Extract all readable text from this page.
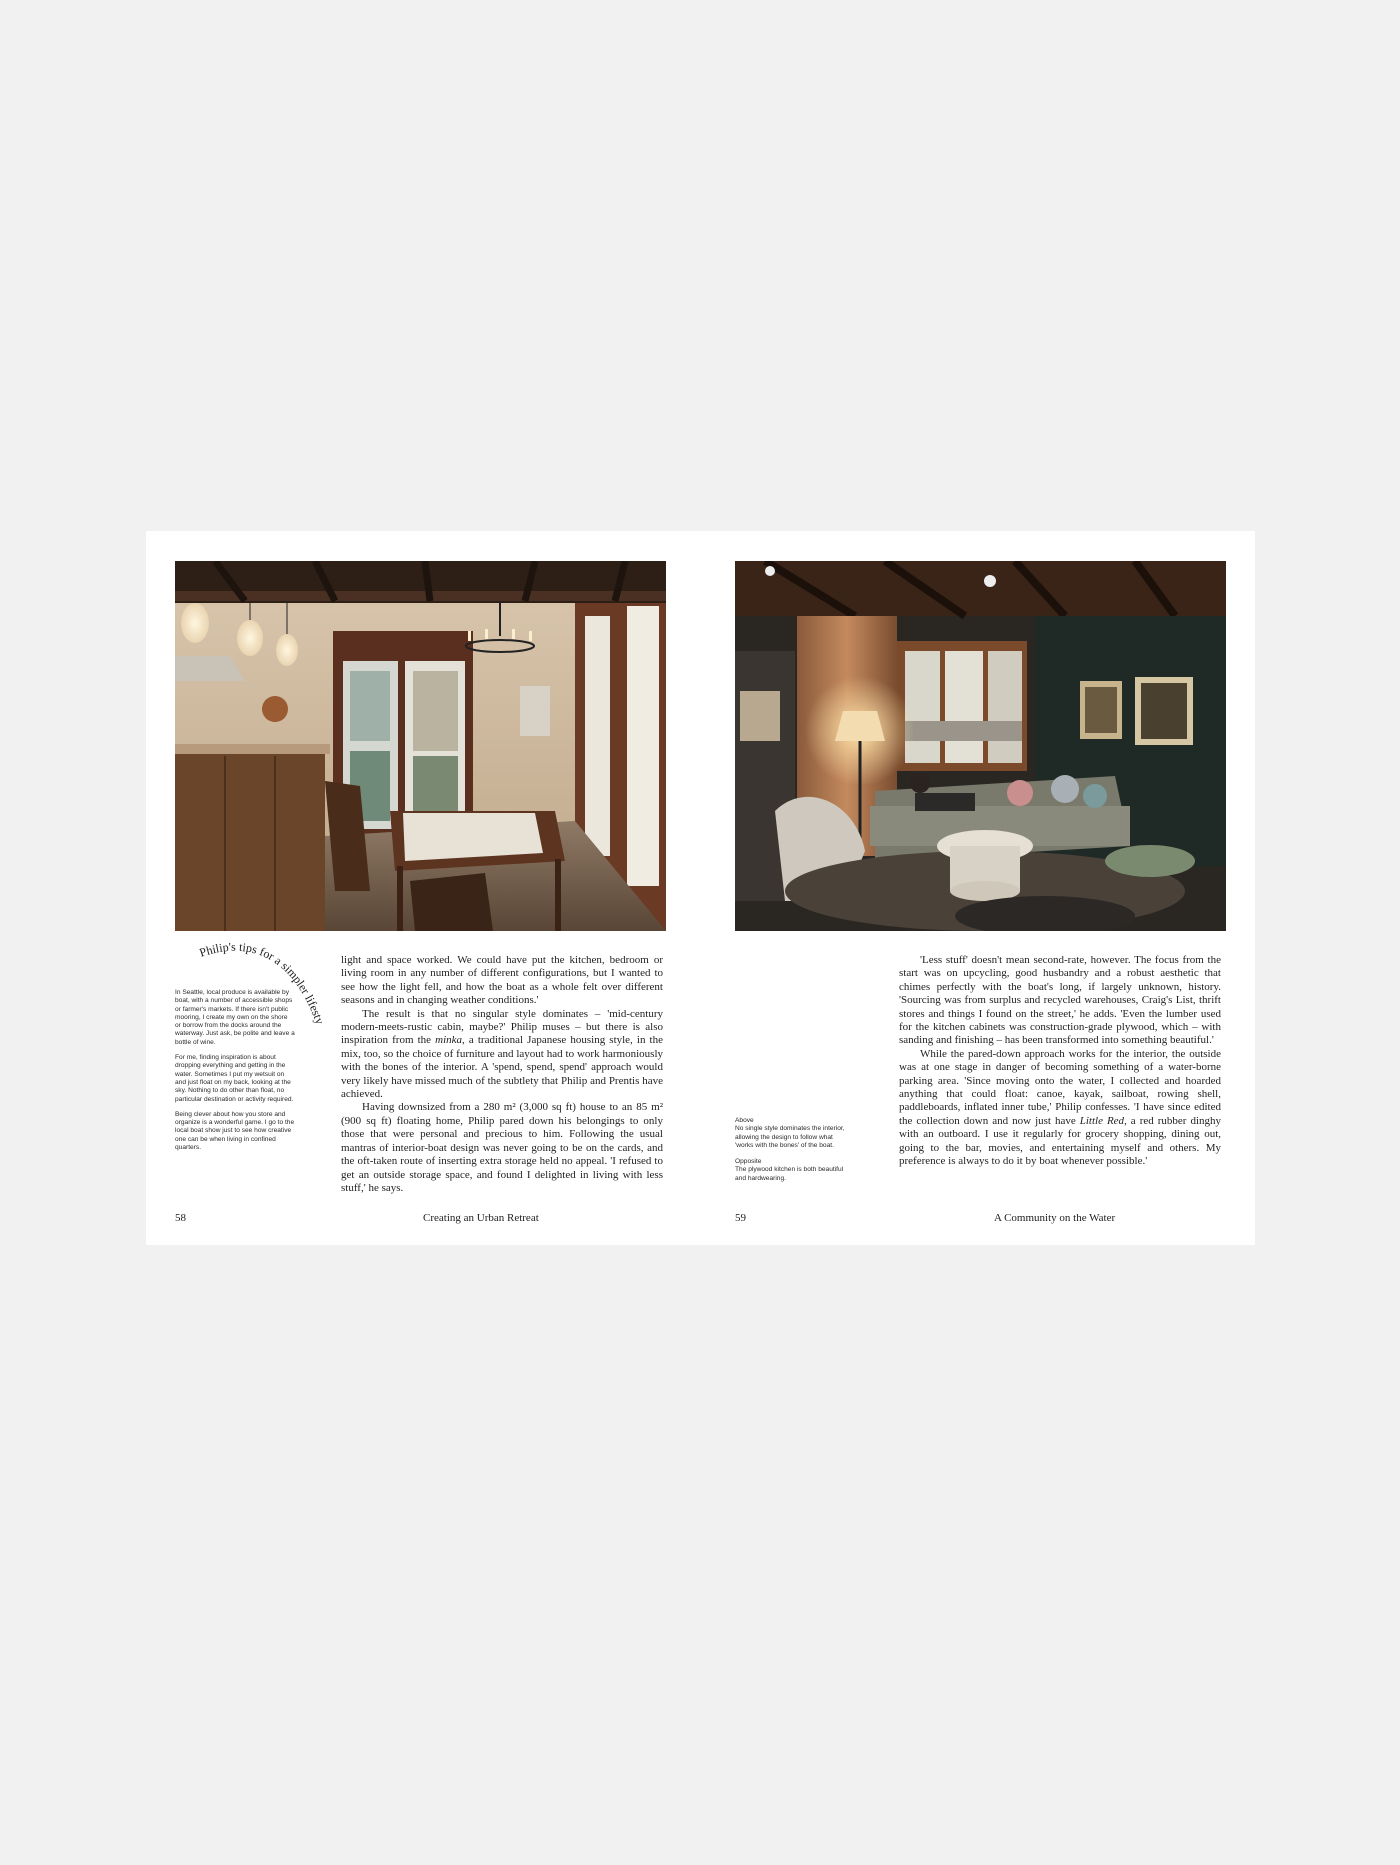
Philip's tips for a simpler lifestyle

In Seattle, local produce is available by boat, with a number of accessible shops or farmer's markets. If there isn't public mooring, I create my own on the shore or borrow from the docks around the waterway. Just ask, be polite and leave a bottle of wine.

For me, finding inspiration is about dropping everything and getting in the water. Sometimes I put my wetsuit on and just float on my back, looking at the sky. Nothing to do other than float, no particular destination or activity required.

Being clever about how you store and organize is a wonderful game. I go to the local boat show just to see how creative one can be when living in confined quarters.

light and space worked. We could have put the kitchen, bedroom or living room in any number of different configurations, but I wanted to see how the light fell, and how the boat as a whole felt over different seasons and in changing weather conditions.'

The result is that no singular style dominates – 'mid-century modern-meets-rustic cabin, maybe?' Philip muses – but there is also inspiration from the minka, a traditional Japanese housing style, in the mix, too, so the choice of furniture and layout had to work harmoniously with the bones of the interior. A 'spend, spend, spend' approach would very likely have missed much of the subtlety that Philip and Prentis have achieved.

Having downsized from a 280 m² (3,000 sq ft) house to an 85 m² (900 sq ft) floating home, Philip pared down his belongings to only those that were personal and precious to him. Following the usual mantras of interior-boat design was never going to be on the cards, and the oft-taken route of inserting extra storage held no appeal. 'I refused to get an outside storage space, and found I delighted in living with less stuff,' he says.

58	Creating an Urban Retreat
Above
No single style dominates the interior, allowing the design to follow what 'works with the bones' of the boat.
Opposite
The plywood kitchen is both beautiful and hardwearing.

'Less stuff' doesn't mean second-rate, however. The focus from the start was on upcycling, good husbandry and a robust aesthetic that chimes perfectly with the boat's long, if largely unknown, history. 'Sourcing was from surplus and recycled warehouses, Craig's List, thrift stores and things I found on the street,' he adds. 'Even the lumber used for the kitchen cabinets was construction-grade plywood, which – with sanding and finishing – has been transformed into something beautiful.'

While the pared-down approach works for the interior, the outside was at one stage in danger of becoming something of a water-borne parking area. 'Since moving onto the water, I collected and hoarded anything that could float: canoe, kayak, sailboat, rowing shell, paddleboards, inflated inner tube,' Philip confesses. 'I have since edited the collection down and now just have Little Red, a red rubber dinghy with an outboard. I use it regularly for grocery shopping, dining out, going to the bar, movies, and entertaining myself and others. My preference is always to do it by boat whenever possible.'

59	A Community on the Water
